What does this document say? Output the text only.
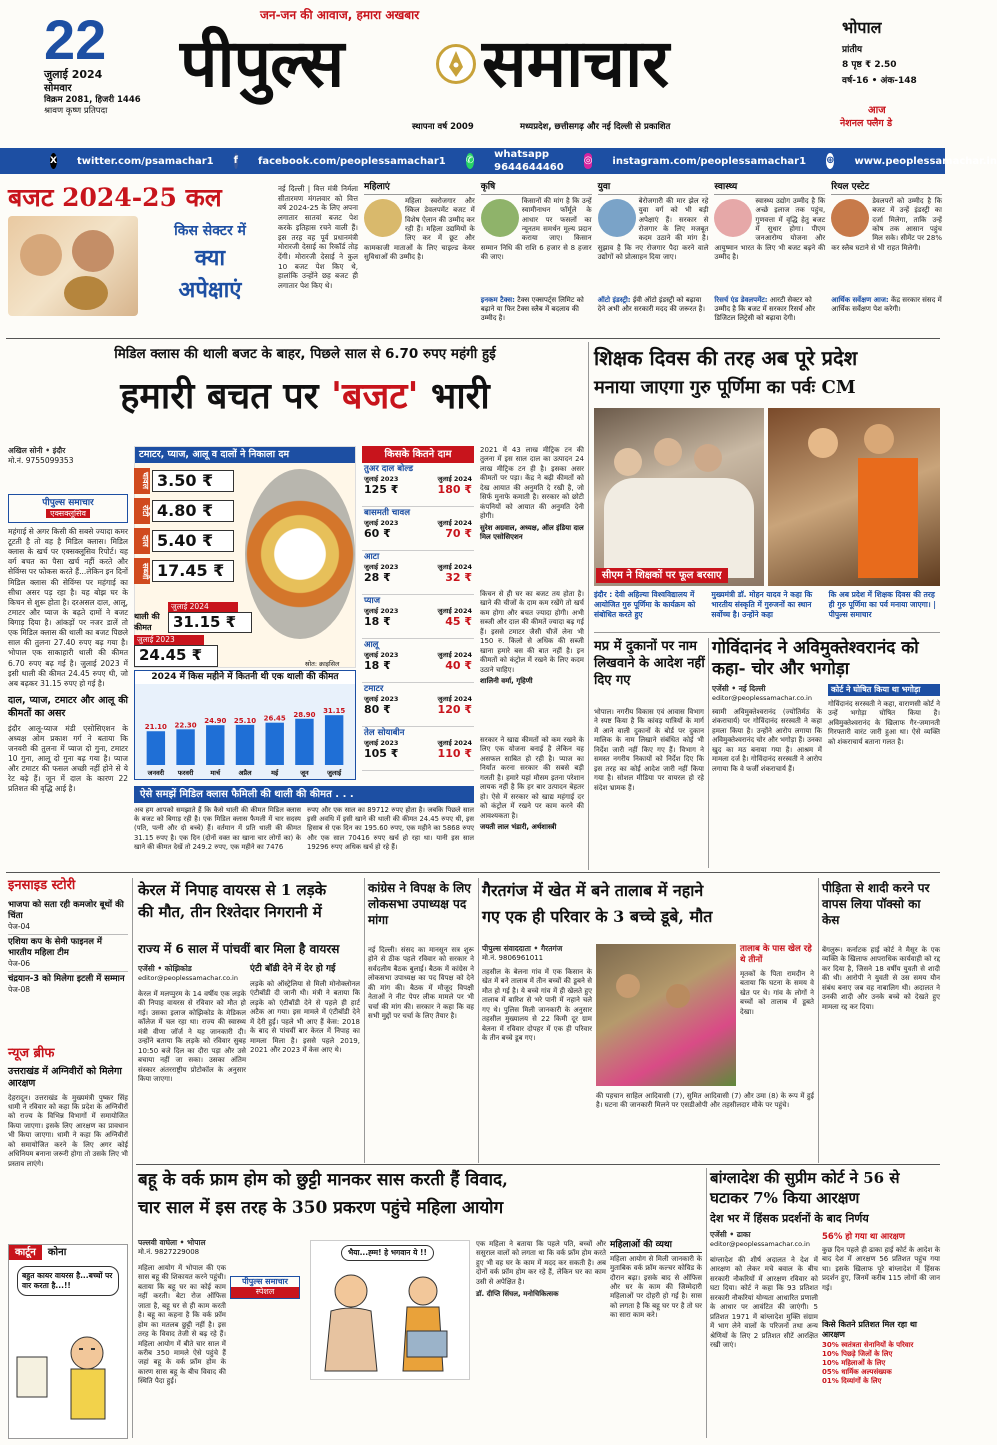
22
जुलाई 2024
सोमवार
विक्रम 2081, हिजरी 1446
श्रावण कृष्ण प्रतिपदा
जन-जन की आवाज, हमारा अखबार
पीपुल्स समाचार
स्थापना वर्ष 2009	मध्यप्रदेश, छत्तीसगढ़ और नई दिल्ली से प्रकाशित
भोपाल
प्रांतीय
8 पृष्ठ ₹ 2.50
वर्ष-16 • अंक-148
आज
नेशनल फ्लैग डे
X twitter.com/psamachar1 f facebook.com/peoplessamachar1 ✆
whatsapp 9644644460
◎ instagram.com/peoplessamachar1 ⊕ www.peoplessamachar.in
बजट 2024-25 कल
किस सेक्टर में
क्या
अपेक्षाएं
नई दिल्ली | वित्त मंत्री निर्मला सीतारमण मंगलवार को वित्त वर्ष 2024-25 के लिए अपना लगातार सातवां बजट पेश करके इतिहास रचने वाली हैं। इस तरह वह पूर्व प्रधानमंत्री मोरारजी देसाई का रिकॉर्ड तोड़ देंगी। मोरारजी देसाई ने कुल 10 बजट पेश किए थे, हालांकि उन्होंने छह बजट ही लगातार पेश किए थे।
महिलाएं
महिला स्वरोजगार और स्किल डेवलपमेंट बजट में विशेष ऐलान की उम्मीद कर रही हैं। महिला उद्यमियों के लिए कर में छूट और कामकाजी माताओं के लिए चाइल्ड केयर सुविधाओं की उम्मीद है।
कृषि
किसानों की मांग है कि उन्हें स्वामीनाथन फॉर्मूले के आधार पर फसलों का न्यूनतम समर्थन मूल्य प्रदान कराया जाए। किसान सम्मान निधि की राशि 6 हजार से 8 हजार की जाए।
युवा
बेरोजगारी की मार झेल रहे युवा वर्ग को भी बड़ी अपेक्षाएं हैं। सरकार से रोजगार के लिए मजबूत कदम उठाने की मांग है। सुझाव है कि नए रोजगार पैदा करने वाले उद्योगों को प्रोत्साहन दिया जाए।
स्वास्थ्य
स्वास्थ्य उद्योग उम्मीद है कि अच्छे इलाज तक पहुंच, गुणवत्ता में वृद्धि हेतु बजट में सुधार होगा। पीएम जनआरोग्य योजना और आयुष्मान भारत के लिए भी बजट बढ़ने की उम्मीद है।
रियल एस्टेट
डेवलपरों को उम्मीद है कि बजट में उन्हें इंडस्ट्री का दर्जा मिलेगा, ताकि उन्हें कोष तक आसान पहुंच मिल सके। सीमेंट पर 28% कर स्लैब घटाने से भी राहत मिलेगी।
इनकम टैक्स: टैक्स एक्सपर्ट्स लिमिट को बढ़ाने या फिर टैक्स स्लैब में बदलाव की उम्मीद है।
ऑटो इंडस्ट्री: ईवी ऑटो इंडस्ट्री को बढ़ावा देने अभी और सरकारी मदद की जरूरत है।
रिसर्च एंड डेवलपमेंट: आरटी सेक्टर को उम्मीद है कि बजट में सरकार रिसर्च और डिजिटल लिट्रेसी को बढ़ावा देगी।
आर्थिक सर्वेक्षण आज: केंद्र सरकार संसद में आर्थिक सर्वेक्षण पेश करेगी।
मिडिल क्लास की थाली बजट के बाहर, पिछले साल से 6.70 रुपए महंगी हुई
हमारी बचत पर 'बजट' भारी
अखिल सोनी • इंदौर
मो.नं. 9755099353
पीपुल्स समाचार
एक्सक्लूसिव
महंगाई से अगर किसी की सबसे ज्यादा कमर टूटती है तो वह है मिडिल क्लास। मिडिल क्लास के खर्च पर एक्सक्लूसिव रिपोर्ट। यह वर्ग बचत का पैसा खर्च नहीं करते और सेविंग्स पर फोकस करते हैं...लेकिन इन दिनों मिडिल क्लास की सेविंग्स पर महंगाई का सीधा असर पड़ रहा है। यह बोझ घर के किचन से शुरू होता है। दरअसल दाल, आलू, टमाटर और प्याज के बढ़ते दामों ने बजट बिगाड़ दिया है। आंकड़ों पर नजर डालें तो एक मिडिल क्लास की थाली का बजट पिछले साल की तुलना 27.40 रुपए बढ़ गया है। भोपाल एक साकाहारी थाली की कीमत 6.70 रुपए बढ़ गई है। जुलाई 2023 में इसी थाली की कीमत 24.45 रुपए थी, जो अब बढ़कर 31.15 रुपए हो गई है।
दाल, प्याज, टमाटर और आलू की कीमतों का असर
इंदौर आलू-प्याज मंडी एसोसिएशन के अध्यक्ष ओम प्रकाश गर्ग ने बताया कि जनवरी की तुलना में प्याज दो गुना, टमाटर 10 गुना, आलू दो गुना बढ़ गया है। प्याज और टमाटर की फसल अच्छी नहीं होने से ये रेट बढ़े हैं। जून में दाल के कारण 22 प्रतिशत की वृद्धि आई है।
टमाटर, प्याज, आलू व दालों ने निकाला दम
चावल 3.50 ₹
रोटी 4.80 ₹
दाल 5.40 ₹
सब्जी 17.45 ₹
थाली की कीमत
जुलाई 2024
31.15 ₹
जुलाई 2023
24.45 ₹	स्रोत: क्राइसिल
2024 में किस महीने में कितनी थी एक थाली की कीमत
21.10
जनवरी
22.30
फरवरी
24.90
मार्च
25.10
अप्रैल
26.45
मई
28.90
जून
31.15
जुलाई
किसके कितने दाम
तुअर दाल बोल्ड
जुलाई 2023	जुलाई 2024
125 ₹	180 ₹
बासमती चावल
जुलाई 2023	जुलाई 2024
60 ₹	70 ₹
आटा
जुलाई 2023	जुलाई 2024
28 ₹	32 ₹
प्याज
जुलाई 2023	जुलाई 2024
18 ₹	45 ₹
आलू
जुलाई 2023	जुलाई 2024
18 ₹	40 ₹
टमाटर
जुलाई 2023	जुलाई 2024
80 ₹	120 ₹
तेल सोयाबीन
जुलाई 2023	जुलाई 2024
105 ₹	110 ₹
2021 में 43 लाख मीट्रिक टन की तुलना में इस साल दाल का उत्पादन 24 लाख मीट्रिक टन ही है। इसका असर कीमतों पर पड़ा। केंद्र ने बढ़ी कीमतों को देख आयात की अनुमति दे रखी है, जो सिर्फ मुनाफे कमाती है। सरकार को छोटी कंपनियों को आयात की अनुमति देनी होगी।
सुरेश अग्रवाल, अध्यक्ष, ऑल इंडिया दाल मिल एसोसिएशन
किचन से ही घर का बजट तय होता है। खाने की चीजों के दाम कम रखेंगे तो खर्च कम होगा और बचत ज्यादा होगी। अभी सब्जी और दाल की कीमतें ज्यादा बढ़ गई हैं। इससे टमाटर जैसी चीजें लेना भी 150 रु. किलो से अधिक की सब्जी खाना हमारे बस की बात नहीं है। इन कीमतों को कंट्रोल में रखने के लिए कदम उठाने चाहिए।
शालिनी वर्मा, गृहिणी
सरकार ने खाद्य कीमतों को कम रखने के लिए एक योजना बनाई है लेकिन वह असफल साबित हो रही है। प्याज का निर्यात करना सरकार की सबसे बड़ी गलती है। हमारे यहां मौसम इतना परेशान लायक नहीं है कि हर बार उत्पादन बेहतर हो। ऐसे में सरकार को खाद्य महंगाई दर को कंट्रोल में रखने पर काम करने की आवश्यकता है।
जयती लाल भंडारी, अर्थशास्त्री
ऐसे समझें मिडिल क्लास फैमिली की थाली की कीमत . . .
अब हम आपको समझाते हैं कि कैसे थाली की कीमत मिडिल क्लास के बजट को बिगाड़ रही है। एक मिडिल क्लास फैमली में चार सदस्य (पति, पत्नी और दो बच्चे) हैं। वर्तमान में प्रति थाली की कीमत 31.15 रुपए है। एक दिन (दोनों वक्त का खाना चार लोगों का) के खाने की कीमत देखें तो 249.2 रुपए, एक महीने का 7476
रुपए और एक साल का 89712 रुपए होता है। जबकि पिछले साल इसी अवधि में इसी खाने की थाली की कीमत 24.45 रुपए थी, इस हिसाब से एक दिन का 195.60 रुपए, एक महीने का 5868 रुपए और एक साल 70416 रुपए खर्च हो रहा था। यानी इस साल 19296 रुपए अधिक खर्च हो रहे हैं।
शिक्षक दिवस की तरह अब पूरे प्रदेश
मनाया जाएगा गुरु पूर्णिमा का पर्वः CM
सीएम ने शिक्षकों पर फूल बरसाए
इंदौर : देवी अहिल्या विश्वविद्यालय में आयोजित गुरु पूर्णिमा के कार्यक्रम को संबोधित करते हुए
मुख्यमंत्री डॉ. मोहन यादव ने कहा कि भारतीय संस्कृति में गुरुजनों का स्थान सर्वोच्च है। उन्होंने कहा
कि अब प्रदेश में शिक्षक दिवस की तरह ही गुरु पूर्णिमा का पर्व मनाया जाएगा। | पीपुल्स समाचार
मप्र में दुकानों पर नाम लिखवाने के आदेश नहीं दिए गए
भोपाल। नगरीय विकास एवं आवास विभाग ने स्पष्ट किया है कि कांवड़ यात्रियों के मार्ग में आने वाली दुकानों के बोर्ड पर दुकान मालिक के नाम लिखाने संबंधित कोई भी निर्देश जारी नहीं किए गए हैं। विभाग ने समस्त नगरीय निकायों को निर्देश दिए कि इस तरह का कोई आदेश जारी नहीं किया गया है। सोशल मीडिया पर वायरल हो रहे संदेश भ्रामक हैं।
गोविंदानंद ने अविमुक्तेश्वरानंद को कहा- चोर और भगोड़ा
एजेंसी • नई दिल्ली
editor@peoplessamachar.co.in
स्वामी अविमुक्तेश्वरानंद (ज्योतिर्मठ के शंकराचार्य) पर गोविंदानंद सरस्वती ने कहा हमला किया है। उन्होंने आरोप लगाया कि अविमुक्तेश्वरानंद चोर और भगोड़ा हैं। उनका खुद का मठ बनाया गया है। आश्रम में मामला दर्ज है। गोविंदानंद सरस्वती ने आरोप लगाया कि वे फर्जी शंकराचार्य हैं।
कोर्ट ने घोषित किया था भगोड़ा
गोविंदानंद सरस्वती ने कहा, वाराणसी कोर्ट ने उन्हें भगोड़ा घोषित किया है। अविमुक्तेश्वरानंद के खिलाफ गैर-जमानती गिरफ्तारी वारंट जारी हुआ था। ऐसे व्यक्ति को शंकराचार्य बताना गलत है।
इनसाइड स्टोरी
भाजपा को सता रही कमजोर बूथों की चिंता
पेज-04
एशिया कप के सेमी फाइनल में भारतीय महिला टीम
पेज-06
चंद्रयान-3 को मिलेगा इटली में सम्मान
पेज-08
न्यूज ब्रीफ
उत्तराखंड में अग्निवीरों को मिलेगा आरक्षण
देहरादून। उत्तराखंड के मुख्यमंत्री पुष्कर सिंह धामी ने रविवार को कहा कि प्रदेश के अग्निवीरों को राज्य के विभिन्न विभागों में समायोजित किया जाएगा। इसके लिए आरक्षण का प्रावधान भी किया जाएगा। धामी ने कहा कि अग्निवीरों को समायोजित करने के लिए अगर कोई अधिनियम बनाना जरूरी होगा तो उसके लिए भी प्रस्ताव लाएंगे।
कार्टून	कोना
बहुत कायर वायरस है...बच्चों पर वार करता है...!!
केरल में निपाह वायरस से 1 लड़के
की मौत, तीन रिश्तेदार निगरानी में
राज्य में 6 साल में पांचवीं बार मिला है वायरस
एजेंसी • कोझिकोड
editor@peoplessamachar.co.in
केरल में मलप्पुरम के 14 वर्षीय एक लड़के की निपाह वायरस से रविवार को मौत हो गई। उसका इलाज कोझिकोड के मेडिकल कॉलेज में चल रहा था। राज्य की स्वास्थ्य मंत्री वीणा जॉर्ज ने यह जानकारी दी। उन्होंने बताया कि लड़के को रविवार सुबह 10:50 बजे दिल का दौरा पड़ा और उसे बचाया नहीं जा सका। उसका अंतिम संस्कार अंतरराष्ट्रीय प्रोटोकॉल के अनुसार किया जाएगा।
एंटी बॉडी देने में देर हो गई
लड़के को ऑस्ट्रेलिया से मिली मोनोक्लोनल एंटीबॉडी दी जानी थी। मंत्री ने बताया कि लड़के को एंटीबॉडी देने से पहले ही हार्ट अटैक आ गया। इस मामले में एंटीबॉडी देने में देरी हुई। पहले भी आए हैं केस: 2018 के बाद से पांचवीं बार केरल में निपाह का मामला मिला है। इससे पहले 2019, 2021 और 2023 में केस आए थे।
कांग्रेस ने विपक्ष के लिए लोकसभा उपाध्यक्ष पद मांगा
नई दिल्ली। संसद का मानसून सत्र शुरू होने से ठीक पहले रविवार को सरकार ने सर्वदलीय बैठक बुलाई। बैठक में कांग्रेस ने लोकसभा उपाध्यक्ष का पद विपक्ष को देने की मांग की। बैठक में मौजूद विपक्षी नेताओं ने नीट पेपर लीक मामले पर भी चर्चा की मांग की। सरकार ने कहा कि वह सभी मुद्दों पर चर्चा के लिए तैयार है।
गैरतगंज में खेत में बने तालाब में नहाने
गए एक ही परिवार के 3 बच्चे डूबे, मौत
पीपुल्स संवाददाता • गैरतगंज
मो.नं. 9806961011
तहसील के बेलना गांव में एक किसान के खेत में बने तालाब में तीन बच्चों की डूबने से मौत हो गई है। ये बच्चे गांव में ही खेलते हुए तालाब में बारिश से भरे पानी में नहाने चले गए थे। पुलिस मिली जानकारी के अनुसार तहसील मुख्यालय से 22 किमी दूर ग्राम बेलना में रविवार दोपहर में एक ही परिवार के तीन बच्चे डूब गए।
तालाब के पास खेल रहे थे तीनों
मृतकों के पिता रामदीन ने बताया कि घटना के समय वे खेत पर थे। गांव के लोगों ने बच्चों को तालाब में डूबते देखा।
की पहचान साहिल आदिवासी (7), सुमित आदिवासी (7) और उमा (8) के रूप में हुई है। घटना की जानकारी मिलने पर एसडीओपी और तहसीलदार मौके पर पहुंचे।
पीड़िता से शादी करने पर वापस लिया पॉक्सो का केस
बेंगलुरू। कर्नाटक हाई कोर्ट ने मैसूर के एक व्यक्ति के खिलाफ आपराधिक कार्यवाही को रद्द कर दिया है, जिसने 18 वर्षीय युवती से शादी की थी। आरोपी ने युवती से उस समय यौन संबंध बनाए जब वह नाबालिग थी। अदालत ने उनकी शादी और उनके बच्चे को देखते हुए मामला रद्द कर दिया।
बहू के वर्क फ्राम होम को छुट्टी मानकर सास करती हैं विवाद,
चार साल में इस तरह के 350 प्रकरण पहुंचे महिला आयोग
पल्लवी वाघेला • भोपाल
मो.नं. 9827229008
पीपुल्स समाचार
स्पेशल
महिला आयोग में भोपाल की एक सास बहू की शिकायत करने पहुंची। बताया कि बहू घर का कोई काम नहीं करती। बेटा रोज ऑफिस जाता है, बहू घर से ही काम करती है। बहू का कहना है कि वर्क फ्रॉम होम का मतलब छुट्टी नहीं है। इस तरह के विवाद तेजी से बढ़ रहे हैं। महिला आयोग में बीते चार साल में करीब 350 मामले ऐसे पहुंचे हैं जहां बहू के वर्क फ्रॉम होम के कारण सास बहू के बीच विवाद की स्थिति पैदा हुई।
भैया...ह्म्म! हे भगवान ये !!
एक महिला ने बताया कि पहले पति, बच्चों और ससुराल वालों को लगता था कि वर्क फ्रॉम होम करते हुए भी वह घर के काम में मदद कर सकती है। अब दोनों वर्क फ्रॉम होम कर रहे हैं, लेकिन घर का काम उसी से अपेक्षित है।
डॉ. दीप्ति सिंघल, मनोचिकित्सक
महिलाओं की व्यथा
महिला आयोग से मिली जानकारी के मुताबिक वर्क फ्रॉम कल्चर कोविड के दौरान बढ़ा। इसके बाद से ऑफिस और घर के काम की जिम्मेदारी महिलाओं पर दोहरी हो गई है। सास को लगता है कि बहू घर पर है तो घर का सारा काम करे।
बांग्लादेश की सुप्रीम कोर्ट ने 56 से घटाकर 7% किया आरक्षण
देश भर में हिंसक प्रदर्शनों के बाद निर्णय
एजेंसी • ढाका
editor@peoplessamachar.co.in
बांग्लादेश की शीर्ष अदालत ने देश में आरक्षण को लेकर मचे बवाल के बीच सरकारी नौकरियों में आरक्षण रविवार को घटा दिया। कोर्ट ने कहा कि 93 प्रतिशत सरकारी नौकरियां योग्यता आधारित प्रणाली के आधार पर आवंटित की जाएंगी। 5 प्रतिशत 1971 में बांग्लादेश मुक्ति संग्राम में भाग लेने वालों के परिजनों तथा अन्य श्रेणियों के लिए 2 प्रतिशत सीटें आरक्षित रखी जाएं।
56% हो गया था आरक्षण
कुछ दिन पहले ही ढाका हाई कोर्ट के आदेश के बाद देश में आरक्षण 56 प्रतिशत पहुंच गया था। इसके खिलाफ पूरे बांग्लादेश में हिंसक प्रदर्शन हुए, जिनमें करीब 115 लोगों की जान गई।
किसे कितने प्रतिशत मिल रहा था आरक्षण
30% स्वतंत्रता सेनानियों के परिवार
10% पिछड़े जिलों के लिए
10% महिलाओं के लिए
05% धार्मिक अल्पसंख्यक
01% दिव्यांगों के लिए
